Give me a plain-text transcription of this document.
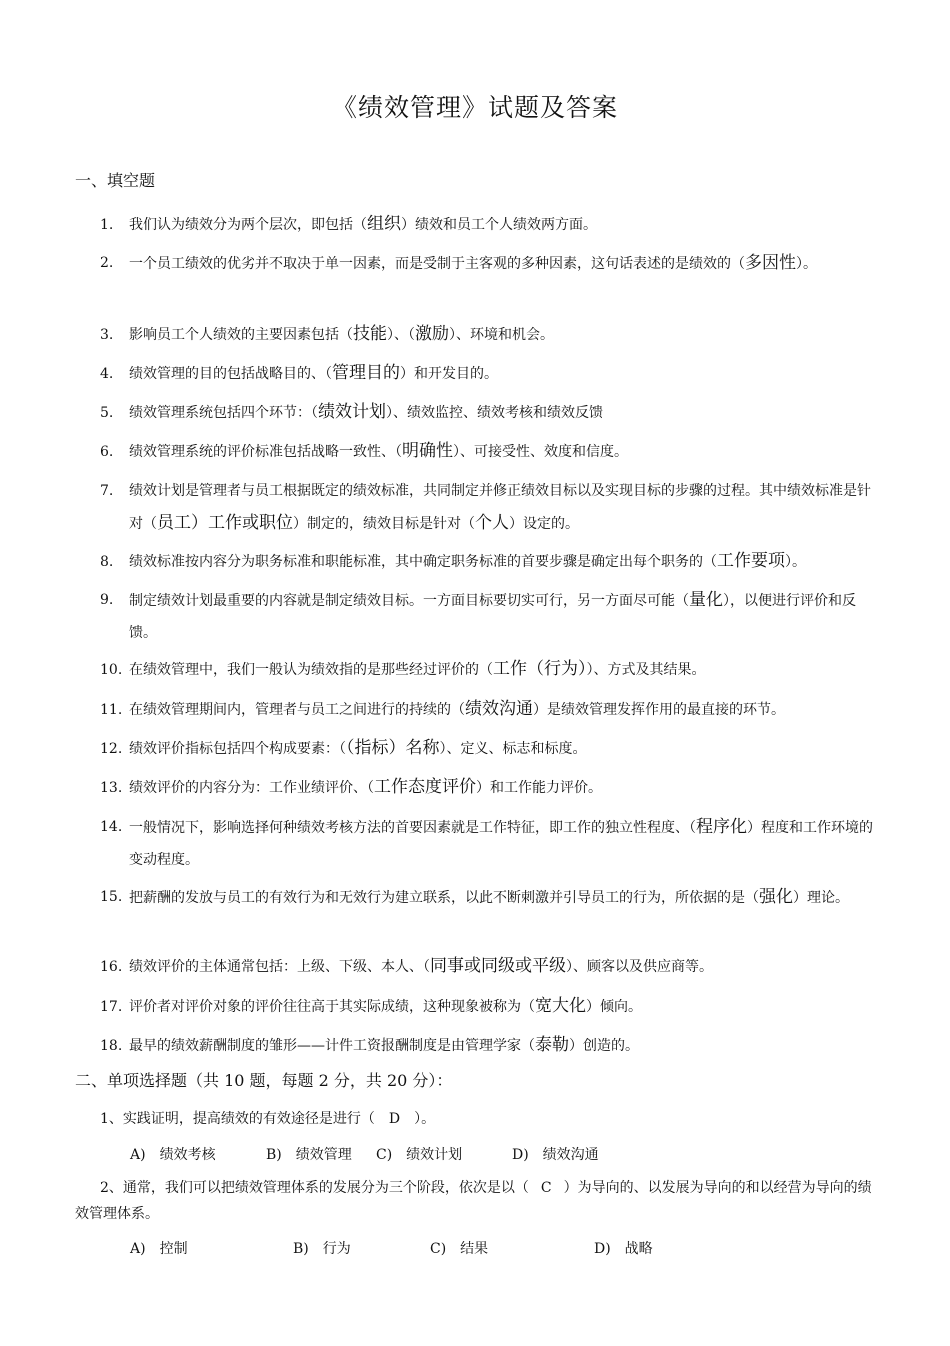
《绩效管理》试题及答案
一、填空题
1. 我们认为绩效分为两个层次，即包括（组织）绩效和员工个人绩效两方面。
2.	一个员工绩效的优劣并不取决于单一因素，而是受制于主客观的多种因素，这句话表述的是绩效的（多因性）。
3. 影响员工个人绩效的主要因素包括（技能）、（激励）、环境和机会。
4. 绩效管理的目的包括战略目的、（管理目的）和开发目的。
5. 绩效管理系统包括四个环节：（绩效计划）、绩效监控、绩效考核和绩效反馈
6. 绩效管理系统的评价标准包括战略一致性、（明确性）、可接受性、效度和信度。
7.	绩效计划是管理者与员工根据既定的绩效标准，共同制定并修正绩效目标以及实现目标的步骤的过程。其中绩效标准是针对（员工）工作或职位）制定的，绩效目标是针对（个人）设定的。
8. 绩效标准按内容分为职务标准和职能标准，其中确定职务标准的首要步骤是确定出每个职务的（工作要项）。
9.	制定绩效计划最重要的内容就是制定绩效目标。一方面目标要切实可行，另一方面尽可能（量化），以便进行评价和反馈。
10. 在绩效管理中，我们一般认为绩效指的是那些经过评价的（工作（行为））、方式及其结果。
11. 在绩效管理期间内，管理者与员工之间进行的持续的（绩效沟通）是绩效管理发挥作用的最直接的环节。
12. 绩效评价指标包括四个构成要素：（（指标）名称）、定义、标志和标度。
13. 绩效评价的内容分为：工作业绩评价、（工作态度评价）和工作能力评价。
14. 一般情况下，影响选择何种绩效考核方法的首要因素就是工作特征，即工作的独立性程度、（程序化）程度和工作环境的变动程度。
15. 把薪酬的发放与员工的有效行为和无效行为建立联系，以此不断刺激并引导员工的行为，所依据的是（强化）理论。
16. 绩效评价的主体通常包括：上级、下级、本人、（同事或同级或平级）、顾客以及供应商等。
17. 评价者对评价对象的评价往往高于其实际成绩，这种现象被称为（宽大化）倾向。
18. 最早的绩效薪酬制度的雏形——计件工资报酬制度是由管理学家（泰勒）创造的。
二、单项选择题（共 10 题，每题 2 分，共 20 分）：
1、实践证明，提高绩效的有效途径是进行（ D ）。
A)　绩效考核	B)　绩效管理 C)　绩效计划	D)　绩效沟通
2、通常，我们可以把绩效管理体系的发展分为三个阶段，依次是以（ C ）为导向的、以发展为导向的和以经营为导向的绩效管理体系。
A)　控制	B)　行为	C)　结果	D)　战略
